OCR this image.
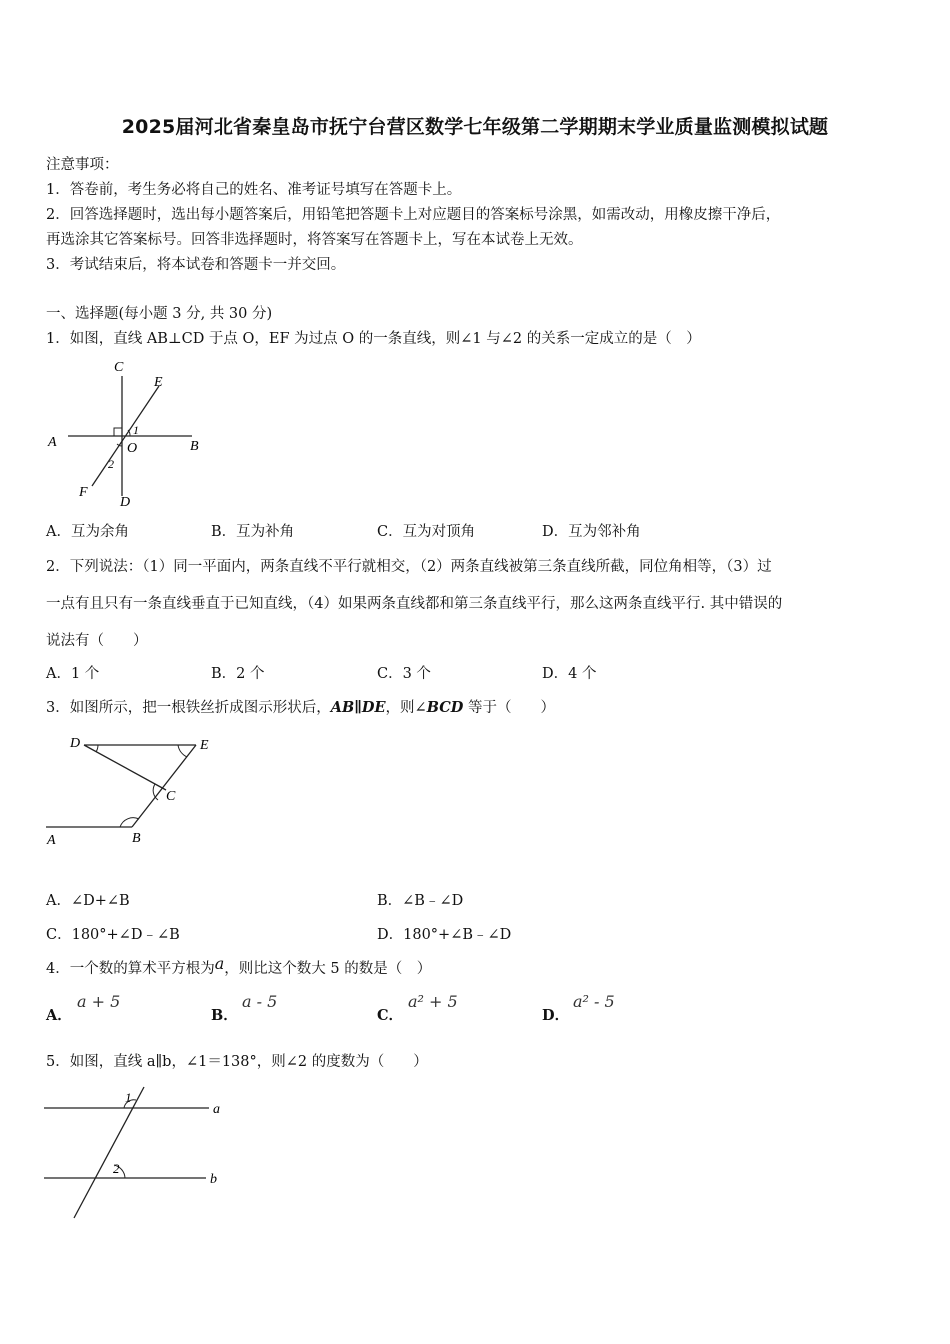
2025届河北省秦皇岛市抚宁台营区数学七年级第二学期期末学业质量监测模拟试题
注意事项：
1．答卷前，考生务必将自己的姓名、准考证号填写在答题卡上。
2．回答选择题时，选出每小题答案后，用铅笔把答题卡上对应题目的答案标号涂黑，如需改动，用橡皮擦干净后，
再选涂其它答案标号。回答非选择题时，将答案写在答题卡上，写在本试卷上无效。
3．考试结束后，将本试卷和答题卡一并交回。
一、选择题(每小题 3 分, 共 30 分)
1．如图，直线 AB⊥CD 于点 O，EF 为过点 O 的一条直线，则∠1 与∠2 的关系一定成立的是（　）
A	B
C
D
E
F
O
1
2
A．互为余角	B．互为补角	C．互为对顶角	D．互为邻补角
2．下列说法：（1）同一平面内，两条直线不平行就相交，（2）两条直线被第三条直线所截，同位角相等，（3）过
一点有且只有一条直线垂直于已知直线，（4）如果两条直线都和第三条直线平行，那么这两条直线平行. 其中错误的
说法有（　　）
A．1 个	B．2 个	C．3 个	D．4 个
3．如图所示，把一根铁丝折成图示形状后，AB∥DE，则∠BCD 等于（　　）
D	E
C
A	B
A．∠D+∠B	B．∠B﹣∠D
C．180°+∠D﹣∠B	D．180°+∠B﹣∠D
4．一个数的算术平方根为a，则比这个数大 5 的数是（　）
A．
a + 5
B．
a - 5
C．
a² + 5
D．
a² - 5
5．如图，直线 a∥b，∠1＝138°，则∠2 的度数为（　　）
1
a
2
b
